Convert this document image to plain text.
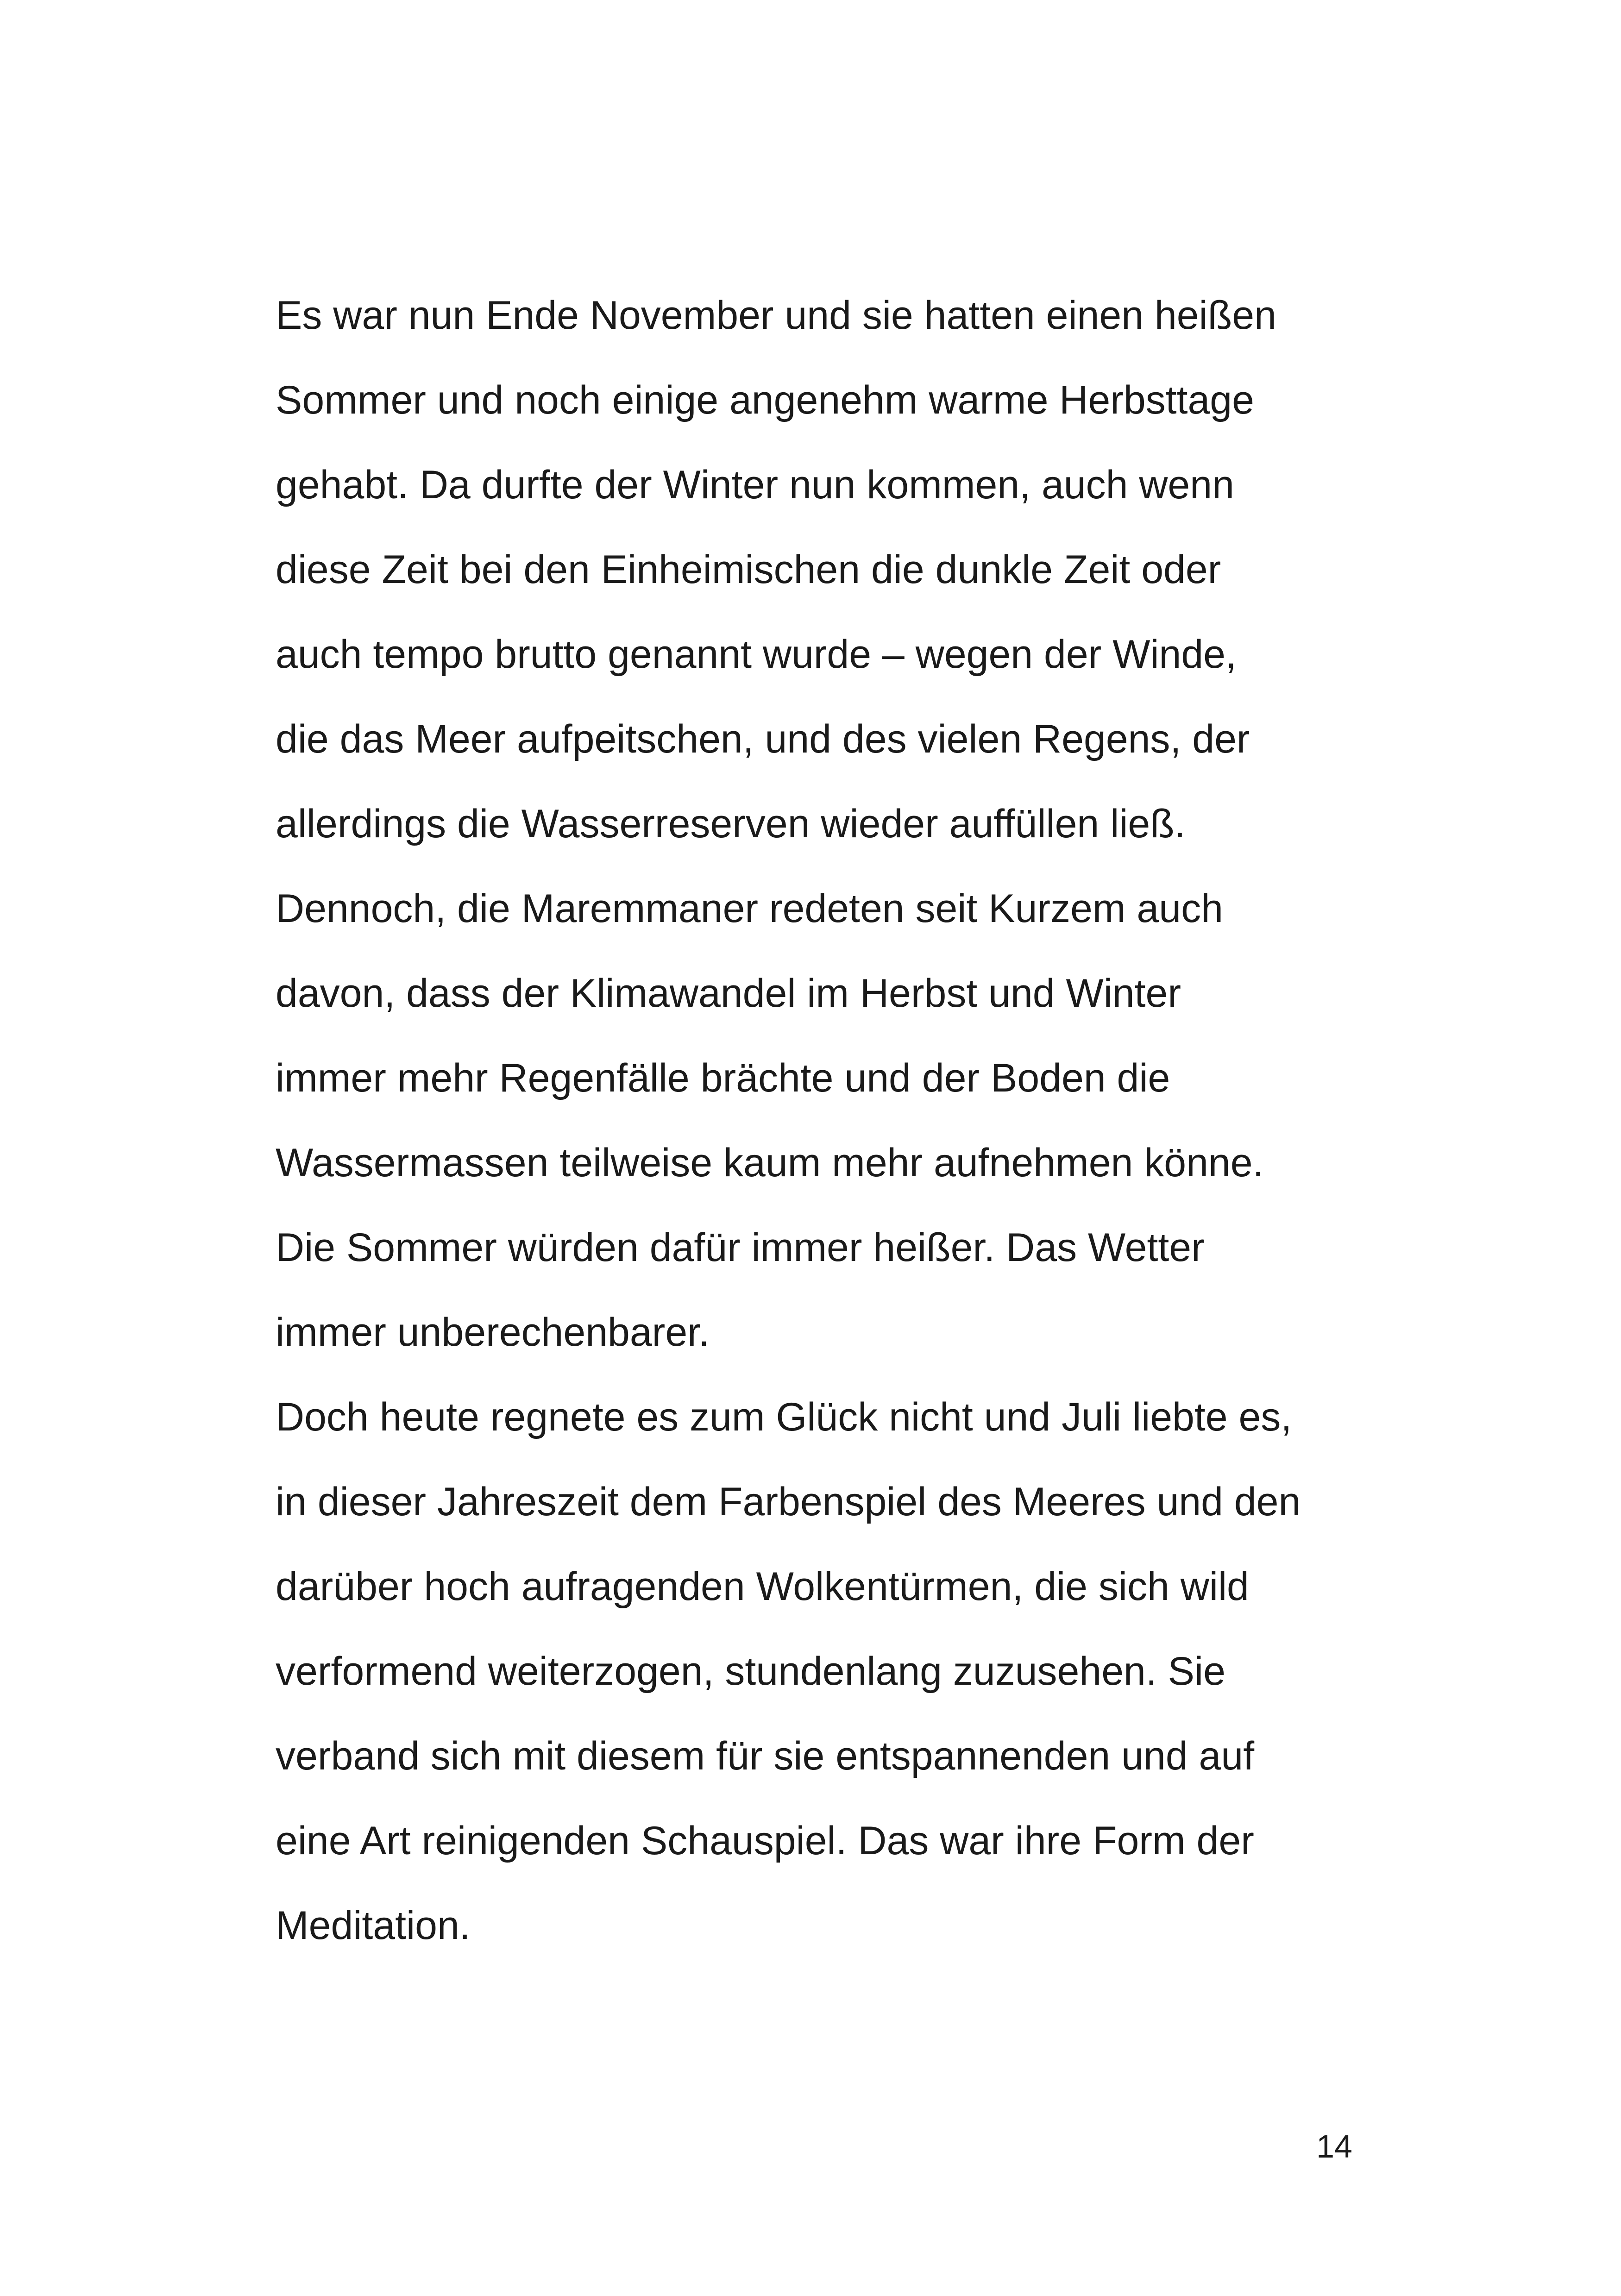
Es war nun Ende November und sie hatten einen heißen
Sommer und noch einige angenehm warme Herbsttage
gehabt. Da durfte der Winter nun kommen, auch wenn
diese Zeit bei den Einheimischen die dunkle Zeit oder
auch tempo brutto genannt wurde – wegen der Winde,
die das Meer aufpeitschen, und des vielen Regens, der
allerdings die Wasserreserven wieder auffüllen ließ.
Dennoch, die Maremmaner redeten seit Kurzem auch
davon, dass der Klimawandel im Herbst und Winter
immer mehr Regenfälle brächte und der Boden die
Wassermassen teilweise kaum mehr aufnehmen könne.
Die Sommer würden dafür immer heißer. Das Wetter
immer unberechenbarer.
Doch heute regnete es zum Glück nicht und Juli liebte es,
in dieser Jahreszeit dem Farbenspiel des Meeres und den
darüber hoch aufragenden Wolkentürmen, die sich wild
verformend weiterzogen, stundenlang zuzusehen. Sie
verband sich mit diesem für sie entspannenden und auf
eine Art reinigenden Schauspiel. Das war ihre Form der
Meditation.
14
